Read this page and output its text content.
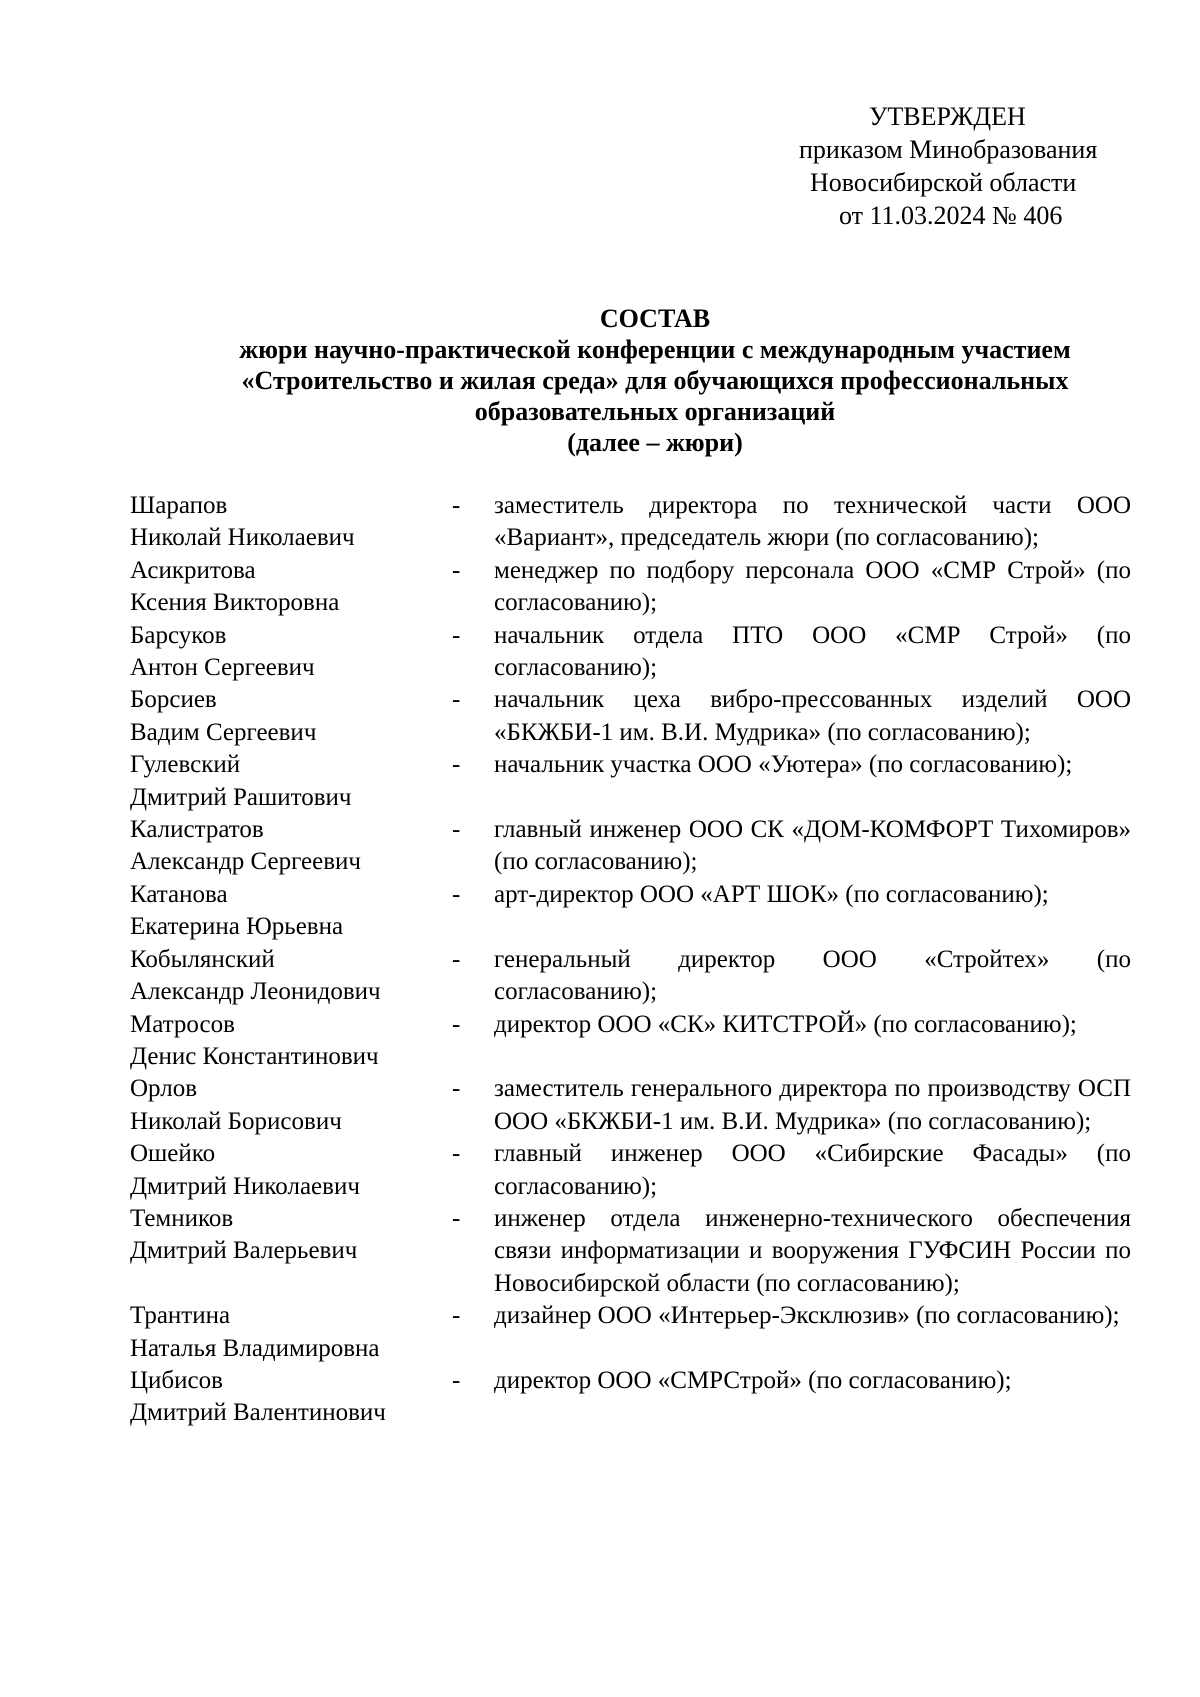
УТВЕРЖДЕН
приказом Минобразования
Новосибирской области
от 11.03.2024 № 406
СОСТАВ
жюри научно-практической конференции с международным участием
«Строительство и жилая среда» для обучающихся профессиональных
образовательных организаций
(далее – жюри)
Шарапов
Николай Николаевич
-	заместитель директора по технической части ООО «Вариант», председатель жюри (по согласованию);
Асикритова
Ксения Викторовна
-	менеджер по подбору персонала ООО «СМР Строй» (по согласованию);
Барсуков
Антон Сергеевич
-	начальник отдела ПТО ООО «СМР Строй» (по согласованию);
Борсиев
Вадим Сергеевич
-	начальник цеха вибро-прессованных изделий ООО «БКЖБИ-1 им. В.И. Мудрика» (по согласованию);
Гулевский
Дмитрий Рашитович
-	начальник участка ООО «Уютера» (по согласованию);
Калистратов
Александр Сергеевич
-	главный инженер ООО СК «ДОМ-КОМФОРТ Тихомиров» (по согласованию);
Катанова
Екатерина Юрьевна
-	арт-директор ООО «АРТ ШОК» (по согласованию);
Кобылянский
Александр Леонидович
-	генеральный директор ООО «Стройтех» (по согласованию);
Матросов
Денис Константинович
-	директор ООО «СК» КИТСТРОЙ» (по согласованию);
Орлов
Николай Борисович
-	заместитель генерального директора по производству ОСП ООО «БКЖБИ-1 им. В.И. Мудрика» (по согласованию);
Ошейко
Дмитрий Николаевич
-	главный инженер ООО «Сибирские Фасады» (по согласованию);
Темников
Дмитрий Валерьевич
-	инженер отдела инженерно-технического обеспечения связи информатизации и вооружения ГУФСИН России по Новосибирской области (по согласованию);
Трантина
Наталья Владимировна
-	дизайнер ООО «Интерьер-Эксклюзив» (по согласованию);
Цибисов
Дмитрий Валентинович
-	директор ООО «СМРСтрой» (по согласованию);
